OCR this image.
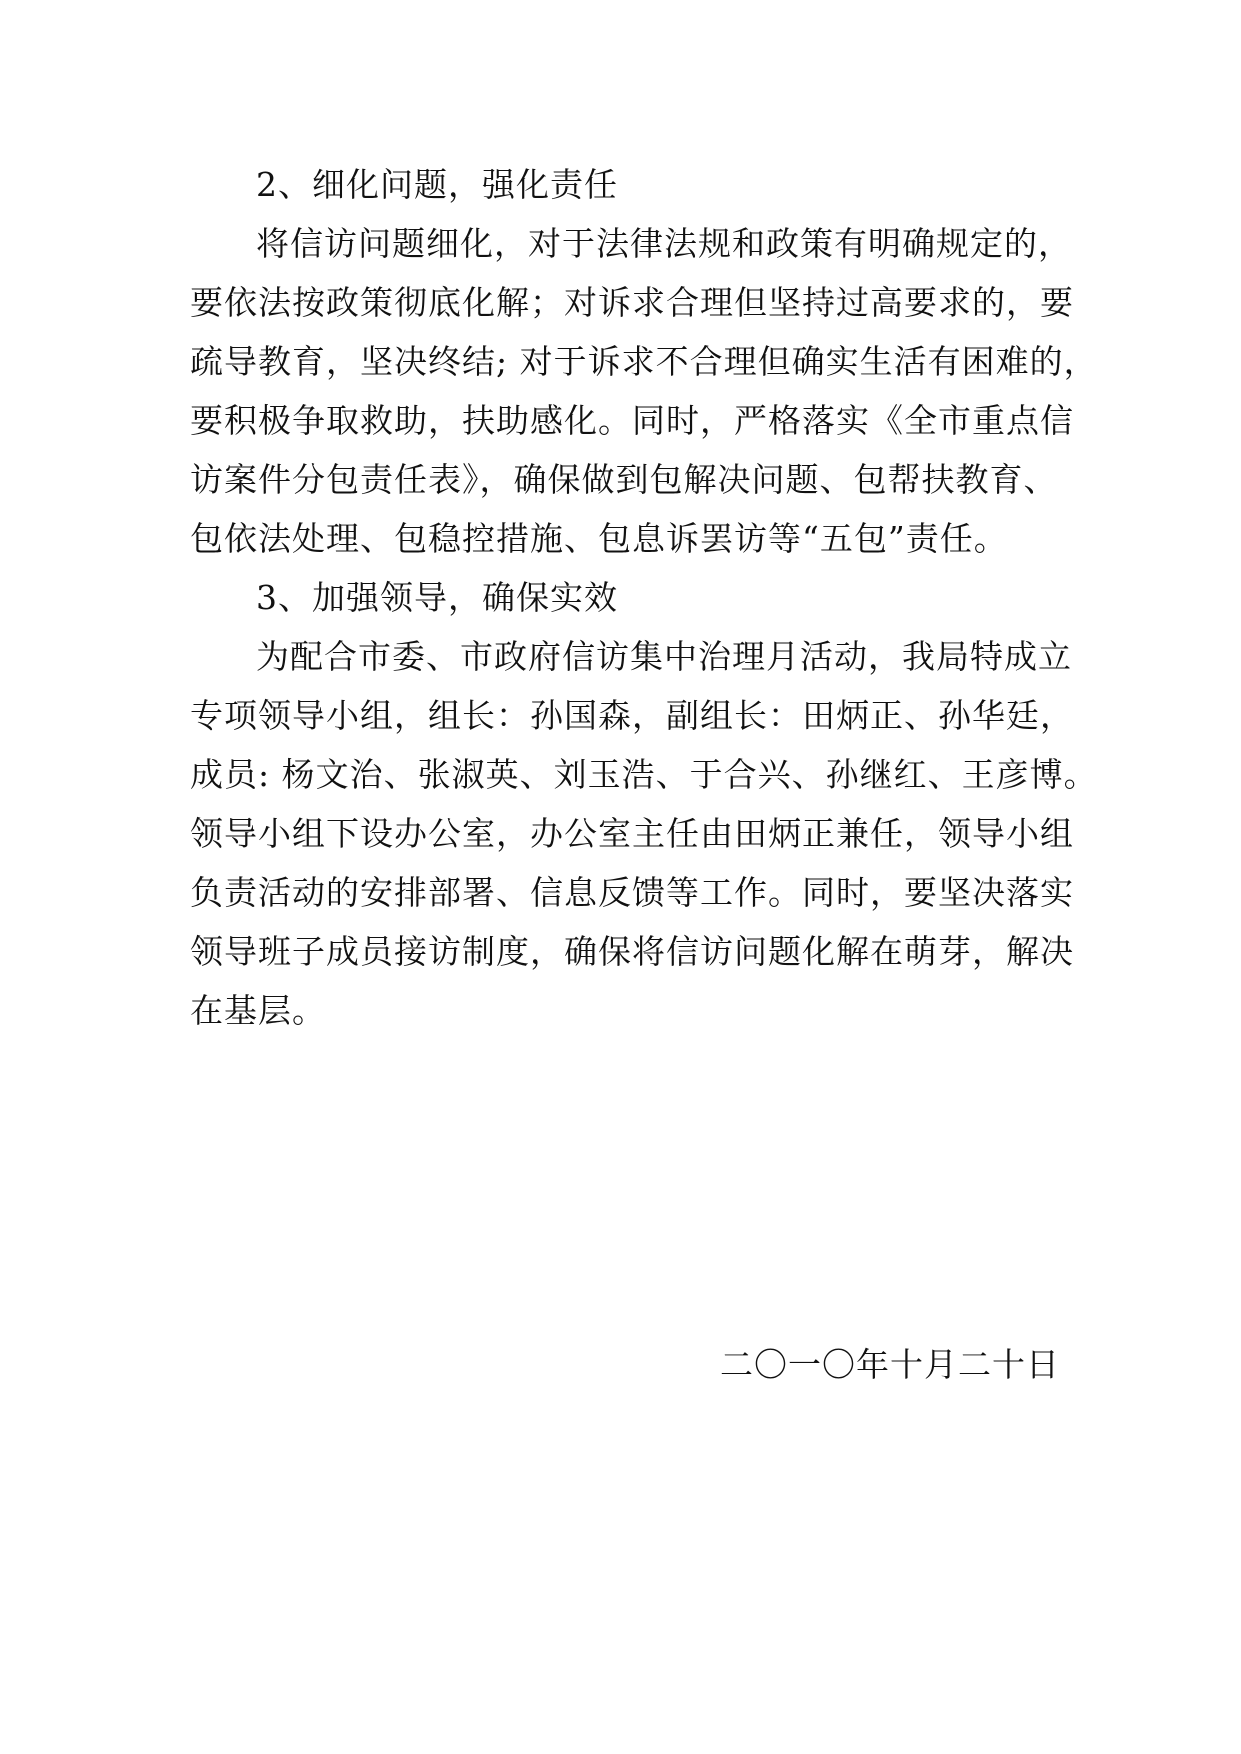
2、细化问题，强化责任
将信访问题细化，对于法律法规和政策有明确规定的，
要依法按政策彻底化解；对诉求合理但坚持过高要求的，要
疏导教育，坚决终结; 对于诉求不合理但确实生活有困难的，
要积极争取救助，扶助感化。同时，严格落实《全市重点信
访案件分包责任表》，确保做到包解决问题、包帮扶教育、
包依法处理、包稳控措施、包息诉罢访等“五包”责任。
3、加强领导，确保实效
为配合市委、市政府信访集中治理月活动，我局特成立
专项领导小组，组长：孙国森，副组长：田炳正、孙华廷，
成员: 杨文治、张淑英、刘玉浩、于合兴、孙继红、王彦博。
领导小组下设办公室，办公室主任由田炳正兼任，领导小组
负责活动的安排部署、信息反馈等工作。同时，要坚决落实
领导班子成员接访制度，确保将信访问题化解在萌芽，解决
在基层。
二〇一〇年十月二十日
